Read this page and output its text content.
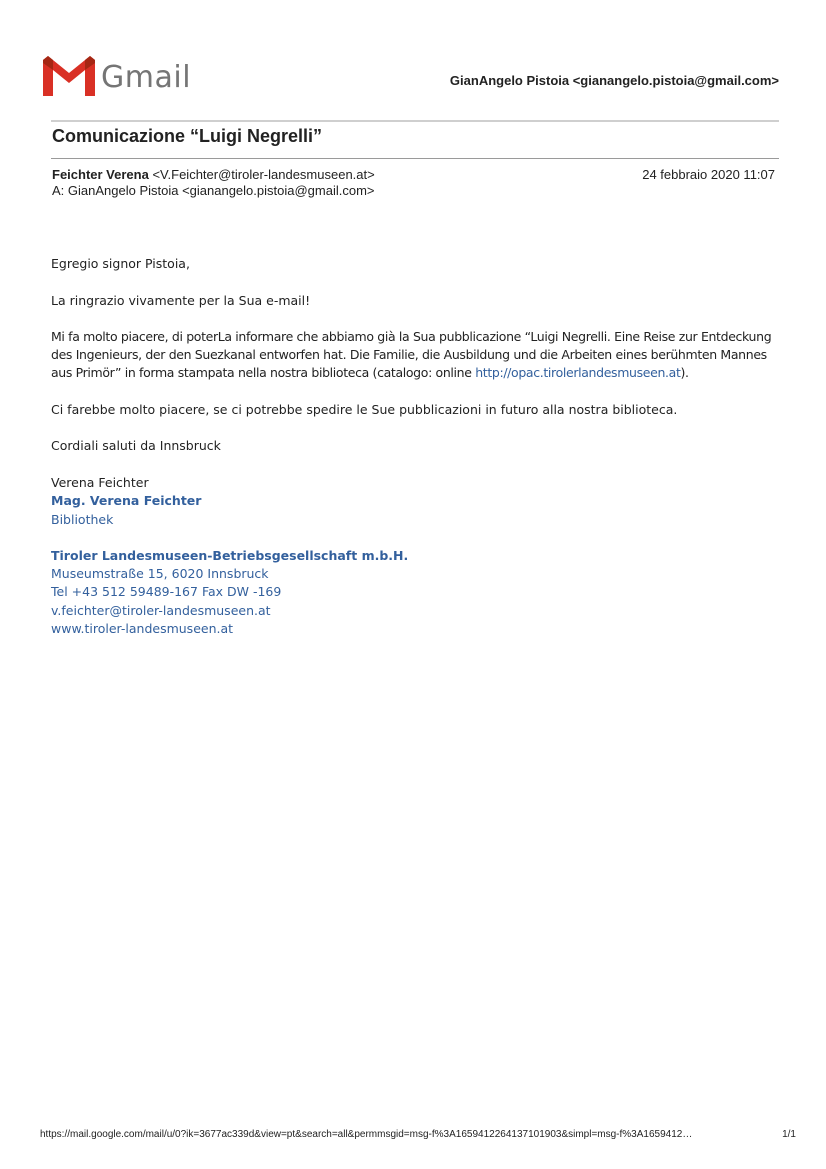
Gmail	GianAngelo Pistoia <gianangelo.pistoia@gmail.com>
Comunicazione “Luigi Negrelli”
Feichter Verena <V.Feichter@tiroler-landesmuseen.at>
A: GianAngelo Pistoia <gianangelo.pistoia@gmail.com>
24 febbraio 2020 11:07
Egregio signor Pistoia,
La ringrazio vivamente per la Sua e-mail!
Mi fa molto piacere, di poterLa informare che abbiamo già la Sua pubblicazione “Luigi Negrelli. Eine Reise zur Entdeckung
des Ingenieurs, der den Suezkanal entworfen hat. Die Familie, die Ausbildung und die Arbeiten eines berühmten Mannes
aus Primör” in forma stampata nella nostra biblioteca (catalogo: online http://opac.tirolerlandesmuseen.at).
Ci farebbe molto piacere, se ci potrebbe spedire le Sue pubblicazioni in futuro alla nostra biblioteca.
Cordiali saluti da Innsbruck
Verena Feichter
Mag. Verena Feichter
Bibliothek
Tiroler Landesmuseen-Betriebsgesellschaft m.b.H.
Museumstraße 15, 6020 Innsbruck
Tel +43 512 59489-167 Fax DW -169
v.feichter@tiroler-landesmuseen.at
www.tiroler-landesmuseen.at
https://mail.google.com/mail/u/0?ik=3677ac339d&view=pt&search=all&permmsgid=msg-f%3A1659412264137101903&simpl=msg-f%3A1659412…	1/1
